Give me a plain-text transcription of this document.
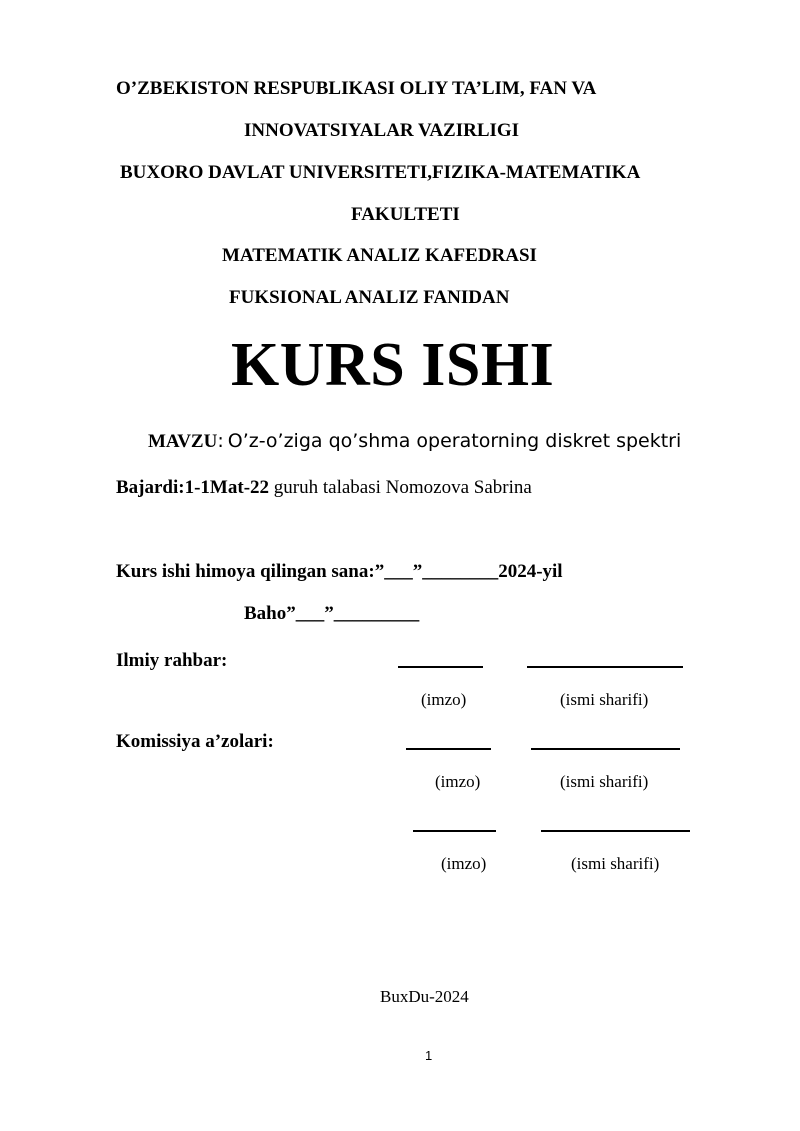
O’ZBEKISTON RESPUBLIKASI OLIY TA’LIM, FAN VA
INNOVATSIYALAR VAZIRLIGI
BUXORO DAVLAT UNIVERSITETI,FIZIKA-MATEMATIKA
FAKULTETI
MATEMATIK ANALIZ KAFEDRASI
FUKSIONAL ANALIZ FANIDAN
KURS ISHI
MAVZU: O’z-o’ziga qo’shma operatorning diskret spektri
Bajardi:1-1Mat-22 guruh talabasi Nomozova Sabrina
Kurs ishi himoya qilingan sana:”___”________2024-yil
Baho”___”_________
Ilmiy rahbar:
(imzo)	(ismi sharifi)
Komissiya a’zolari:
(imzo)	(ismi sharifi)
(imzo)	(ismi sharifi)
BuxDu-2024
1
